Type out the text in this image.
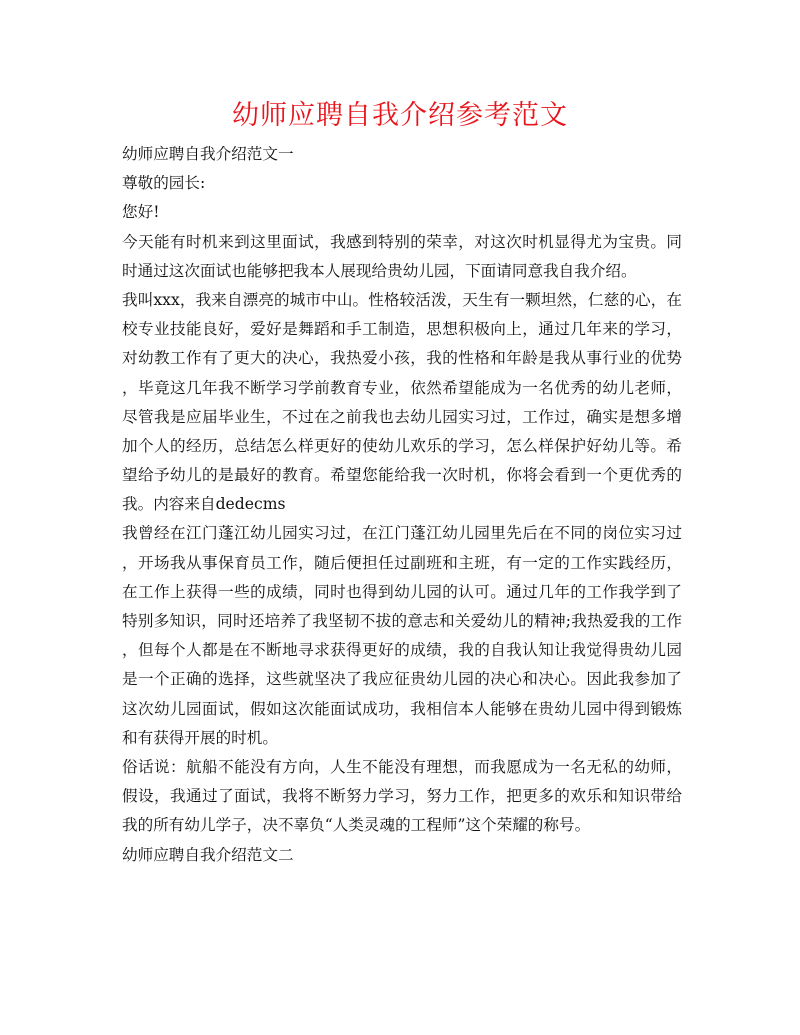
幼师应聘自我介绍参考范文
幼师应聘自我介绍范文一
尊敬的园长:
您好!
今天能有时机来到这里面试，我感到特别的荣幸，对这次时机显得尤为宝贵。同
时通过这次面试也能够把我本人展现给贵幼儿园，下面请同意我自我介绍。
我叫xxx，我来自漂亮的城市中山。性格较活泼，天生有一颗坦然，仁慈的心，在
校专业技能良好，爱好是舞蹈和手工制造，思想积极向上，通过几年来的学习，
对幼教工作有了更大的决心，我热爱小孩，我的性格和年龄是我从事行业的优势
，毕竟这几年我不断学习学前教育专业，依然希望能成为一名优秀的幼儿老师，
尽管我是应届毕业生，不过在之前我也去幼儿园实习过，工作过，确实是想多增
加个人的经历，总结怎么样更好的使幼儿欢乐的学习，怎么样保护好幼儿等。希
望给予幼儿的是最好的教育。希望您能给我一次时机，你将会看到一个更优秀的
我。内容来自dedecms
我曾经在江门蓬江幼儿园实习过，在江门蓬江幼儿园里先后在不同的岗位实习过
，开场我从事保育员工作，随后便担任过副班和主班，有一定的工作实践经历，
在工作上获得一些的成绩，同时也得到幼儿园的认可。通过几年的工作我学到了
特别多知识，同时还培养了我坚韧不拔的意志和关爱幼儿的精神;我热爱我的工作
，但每个人都是在不断地寻求获得更好的成绩，我的自我认知让我觉得贵幼儿园
是一个正确的选择，这些就坚决了我应征贵幼儿园的决心和决心。因此我参加了
这次幼儿园面试，假如这次能面试成功，我相信本人能够在贵幼儿园中得到锻炼
和有获得开展的时机。
俗话说：航船不能没有方向，人生不能没有理想，而我愿成为一名无私的幼师，
假设，我通过了面试，我将不断努力学习，努力工作，把更多的欢乐和知识带给
我的所有幼儿学子，决不辜负“人类灵魂的工程师”这个荣耀的称号。
幼师应聘自我介绍范文二
